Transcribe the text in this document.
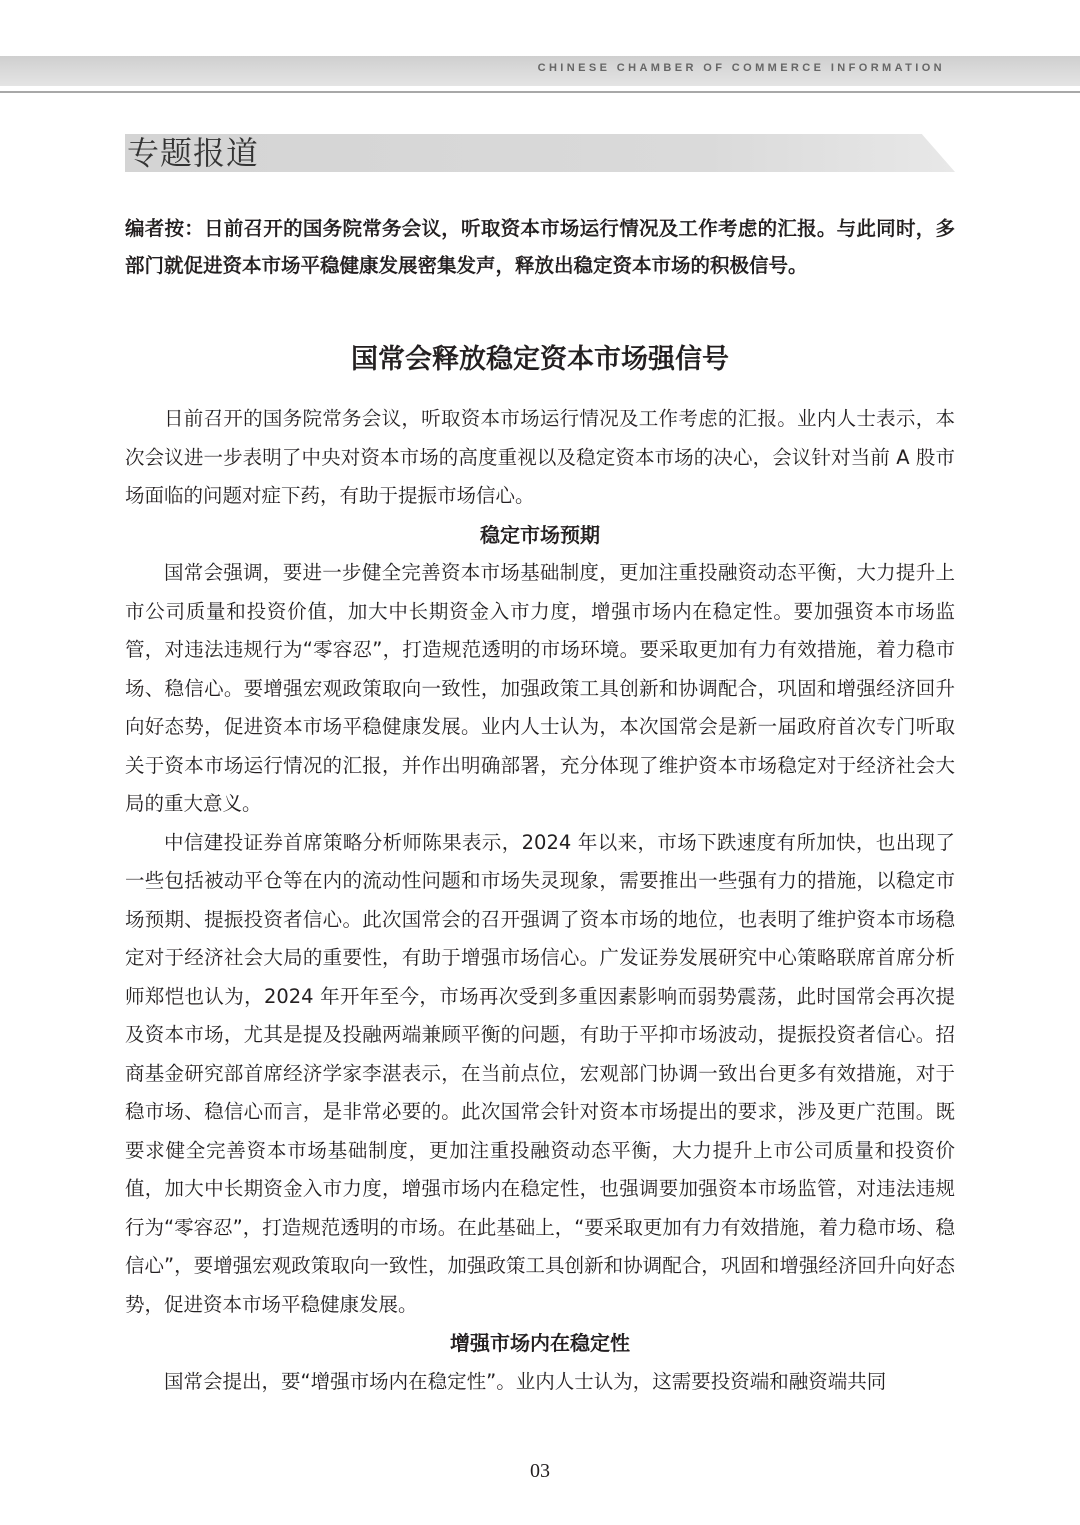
CHINESE CHAMBER OF COMMERCE INFORMATION
专题报道
编者按：日前召开的国务院常务会议，听取资本市场运行情况及工作考虑的汇报。与此同时，多部门就促进资本市场平稳健康发展密集发声，释放出稳定资本市场的积极信号。
国常会释放稳定资本市场强信号

日前召开的国务院常务会议，听取资本市场运行情况及工作考虑的汇报。业内人士表示，本次会议进一步表明了中央对资本市场的高度重视以及稳定资本市场的决心，会议针对当前 A 股市场面临的问题对症下药，有助于提振市场信心。

稳定市场预期

国常会强调，要进一步健全完善资本市场基础制度，更加注重投融资动态平衡，大力提升上市公司质量和投资价值，加大中长期资金入市力度，增强市场内在稳定性。要加强资本市场监管，对违法违规行为“零容忍”，打造规范透明的市场环境。要采取更加有力有效措施，着力稳市场、稳信心。要增强宏观政策取向一致性，加强政策工具创新和协调配合，巩固和增强经济回升向好态势，促进资本市场平稳健康发展。业内人士认为，本次国常会是新一届政府首次专门听取关于资本市场运行情况的汇报，并作出明确部署，充分体现了维护资本市场稳定对于经济社会大局的重大意义。

中信建投证券首席策略分析师陈果表示，2024 年以来，市场下跌速度有所加快，也出现了一些包括被动平仓等在内的流动性问题和市场失灵现象，需要推出一些强有力的措施，以稳定市场预期、提振投资者信心。此次国常会的召开强调了资本市场的地位，也表明了维护资本市场稳定对于经济社会大局的重要性，有助于增强市场信心。广发证券发展研究中心策略联席首席分析师郑恺也认为，2024 年开年至今，市场再次受到多重因素影响而弱势震荡，此时国常会再次提及资本市场，尤其是提及投融两端兼顾平衡的问题，有助于平抑市场波动，提振投资者信心。招商基金研究部首席经济学家李湛表示，在当前点位，宏观部门协调一致出台更多有效措施，对于稳市场、稳信心而言，是非常必要的。此次国常会针对资本市场提出的要求，涉及更广范围。既要求健全完善资本市场基础制度，更加注重投融资动态平衡，大力提升上市公司质量和投资价值，加大中长期资金入市力度，增强市场内在稳定性，也强调要加强资本市场监管，对违法违规行为“零容忍”，打造规范透明的市场。在此基础上，“要采取更加有力有效措施，着力稳市场、稳信心”，要增强宏观政策取向一致性，加强政策工具创新和协调配合，巩固和增强经济回升向好态势，促进资本市场平稳健康发展。

增强市场内在稳定性

国常会提出，要“增强市场内在稳定性”。业内人士认为，这需要投资端和融资端共同

03
